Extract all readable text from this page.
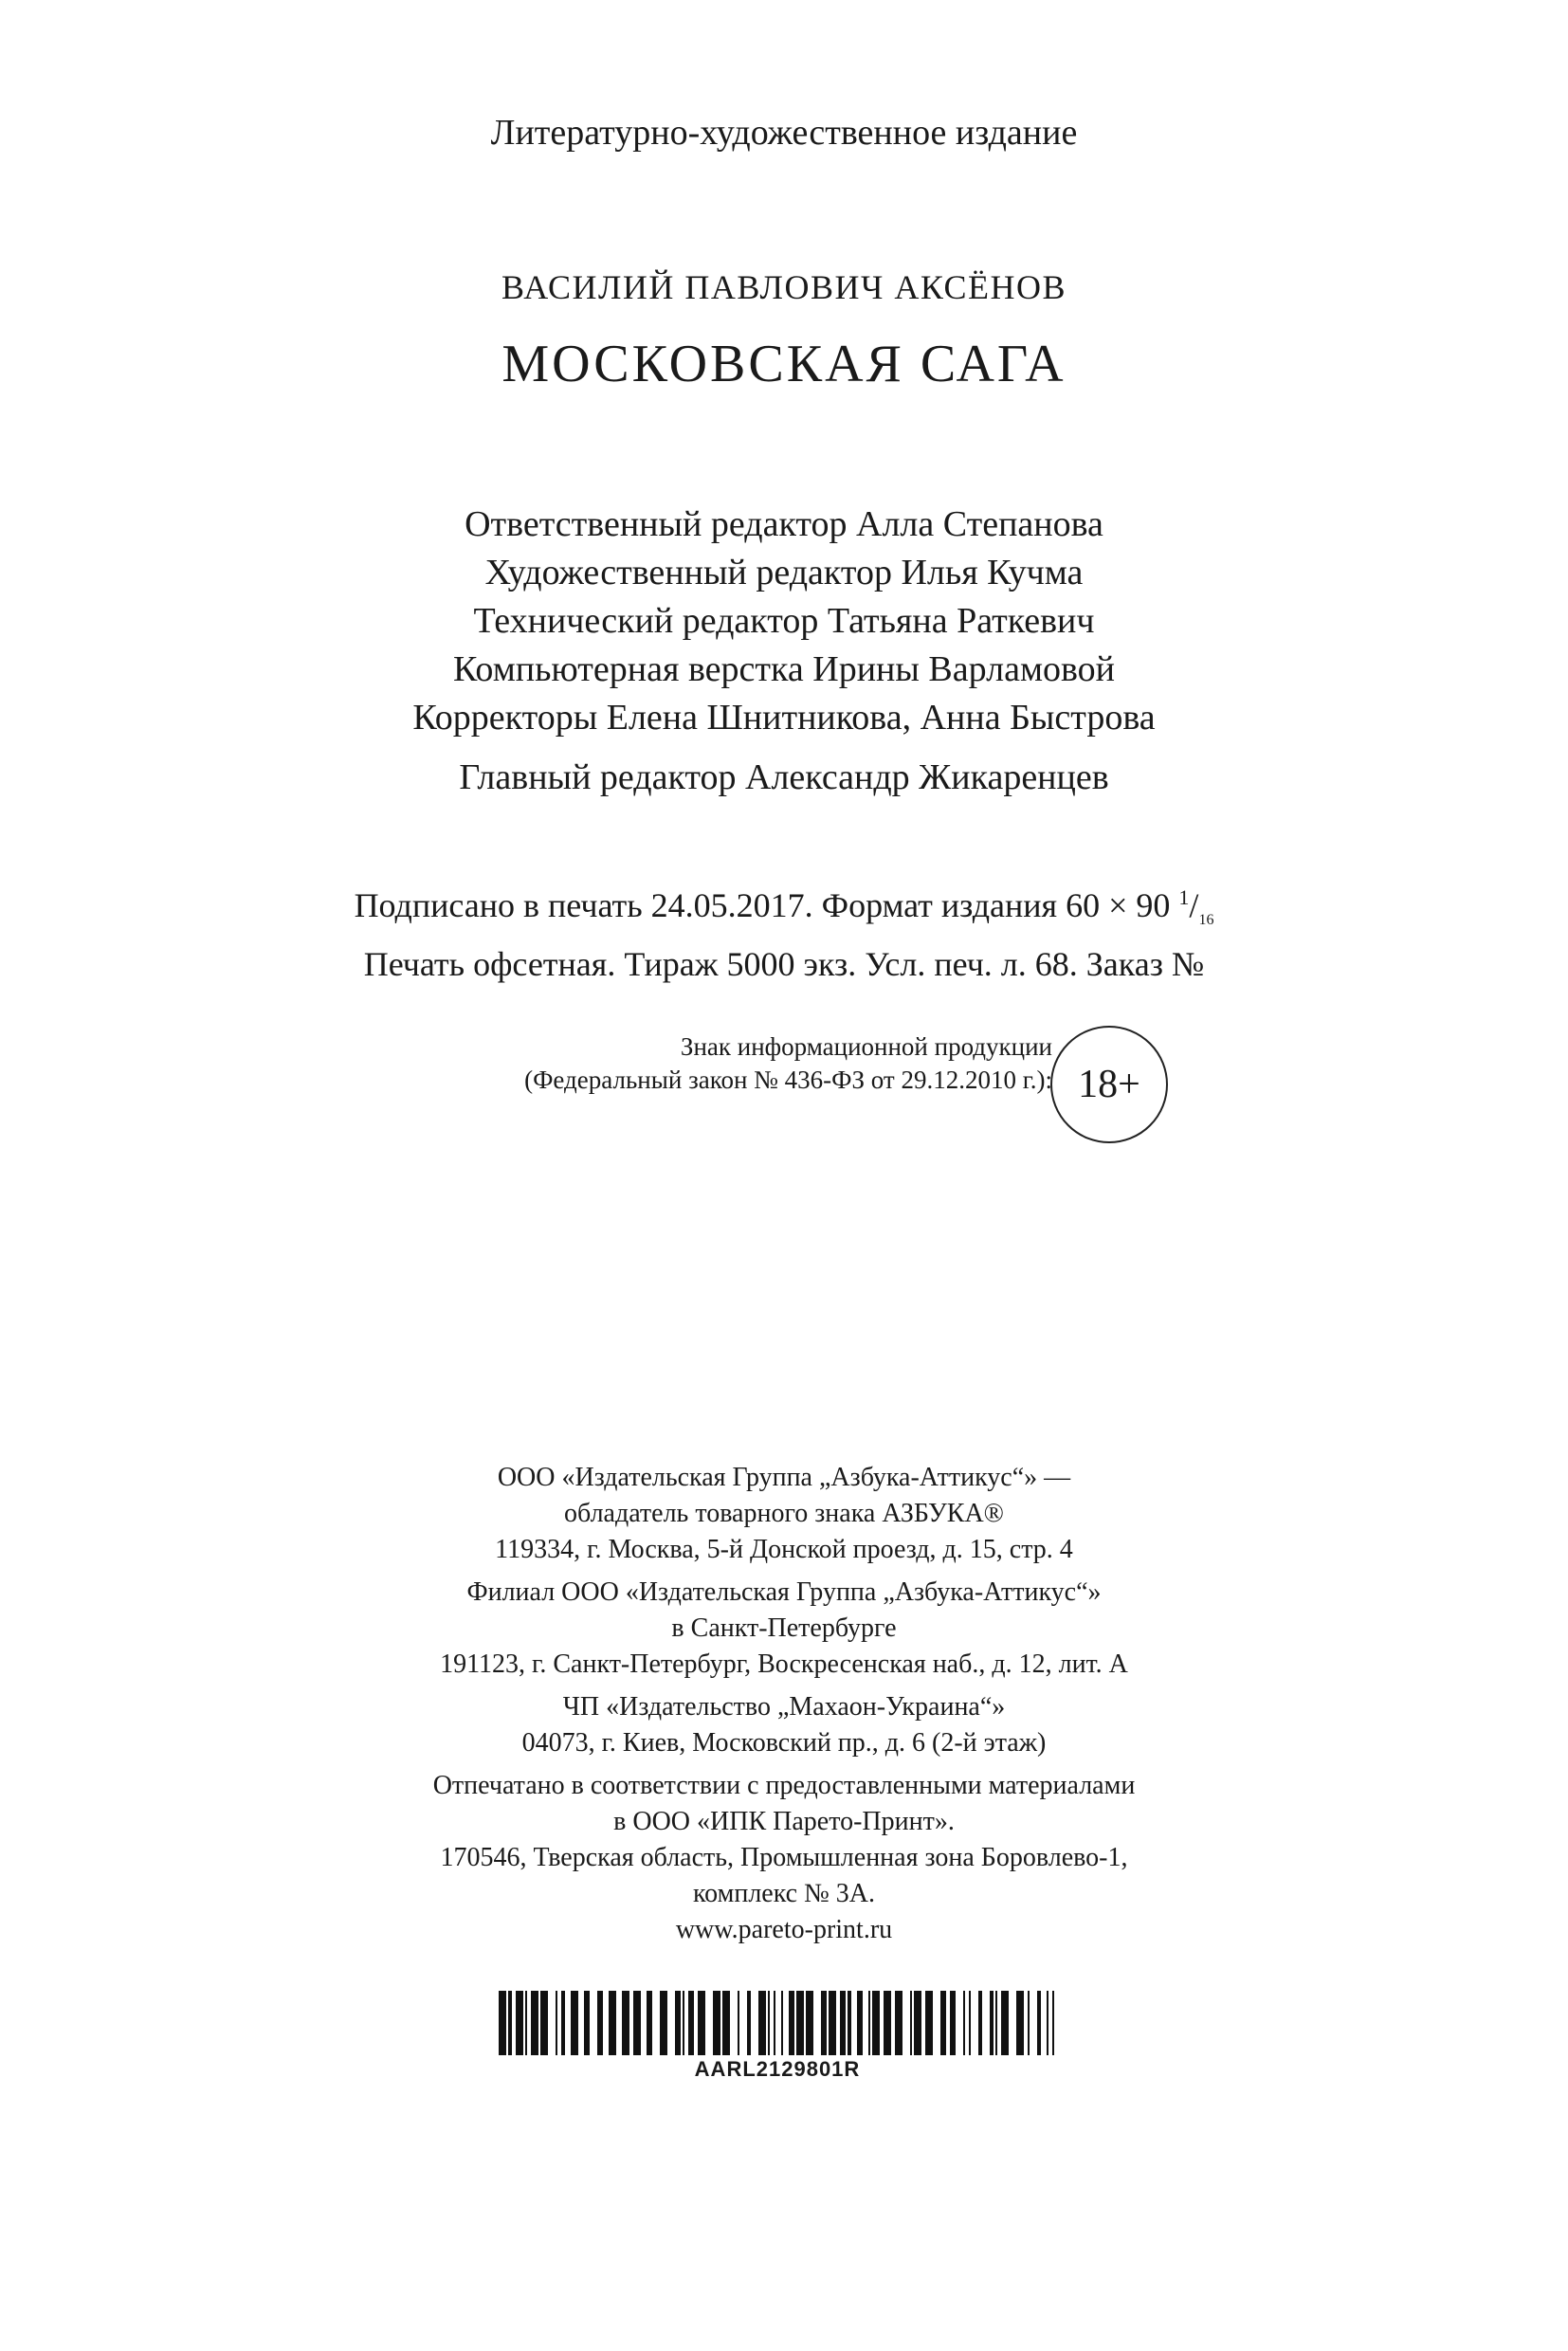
Литературно-художественное издание
ВАСИЛИЙ ПАВЛОВИЧ АКСЁНОВ
МОСКОВСКАЯ САГА
Ответственный редактор Алла Степанова
Художественный редактор Илья Кучма
Технический редактор Татьяна Раткевич
Компьютерная верстка Ирины Варламовой
Корректоры Елена Шнитникова, Анна Быстрова
Главный редактор Александр Жикаренцев
Подписано в печать 24.05.2017. Формат издания 60 × 90 $^1/_{16}$
Печать офсетная. Тираж 5000 экз. Усл. печ. л. 68. Заказ №
Знак информационной продукции
(Федеральный закон № 436-ФЗ от 29.12.2010 г.): 18+
ООО «Издательская Группа „Азбука-Аттикус“» —
обладатель товарного знака АЗБУКА®
119334, г. Москва, 5-й Донской проезд, д. 15, стр. 4
Филиал ООО «Издательская Группа „Азбука-Аттикус“»
в Санкт-Петербурге
191123, г. Санкт-Петербург, Воскресенская наб., д. 12, лит. А
ЧП «Издательство „Махаон-Украина“»
04073, г. Киев, Московский пр., д. 6 (2-й этаж)
Отпечатано в соответствии с предоставленными материалами
в ООО «ИПК Парето-Принт».
170546, Тверская область, Промышленная зона Боровлево-1,
комплекс № 3А.
www.pareto-print.ru
AARL2129801R
